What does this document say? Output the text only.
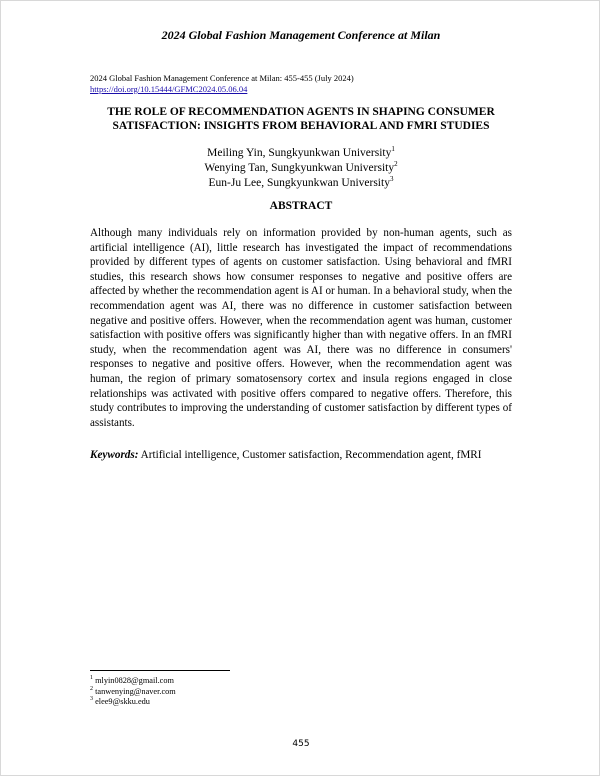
2024 Global Fashion Management Conference at Milan
2024 Global Fashion Management Conference at Milan: 455-455 (July 2024)
https://doi.org/10.15444/GFMC2024.05.06.04
THE ROLE OF RECOMMENDATION AGENTS IN SHAPING CONSUMER SATISFACTION: INSIGHTS FROM BEHAVIORAL AND FMRI STUDIES
Meiling Yin, Sungkyunkwan University$^1$
Wenying Tan, Sungkyunkwan University$^2$
Eun-Ju Lee, Sungkyunkwan University$^3$
ABSTRACT
Although many individuals rely on information provided by non-human agents, such as artificial intelligence (AI), little research has investigated the impact of recommendations provided by different types of agents on customer satisfaction. Using behavioral and fMRI studies, this research shows how consumer responses to negative and positive offers are affected by whether the recommendation agent is AI or human. In a behavioral study, when the recommendation agent was AI, there was no difference in customer satisfaction between negative and positive offers. However, when the recommendation agent was human, customer satisfaction with positive offers was significantly higher than with negative offers. In an fMRI study, when the recommendation agent was AI, there was no difference in consumers' responses to negative and positive offers. However, when the recommendation agent was human, the region of primary somatosensory cortex and insula regions engaged in close relationships was activated with positive offers compared to negative offers. Therefore, this study contributes to improving the understanding of customer satisfaction by different types of assistants.
Keywords: Artificial intelligence, Customer satisfaction, Recommendation agent, fMRI
$^1$ mlyin0828@gmail.com
$^2$ tanwenying@naver.com
$^3$ elee9@skku.edu
455
